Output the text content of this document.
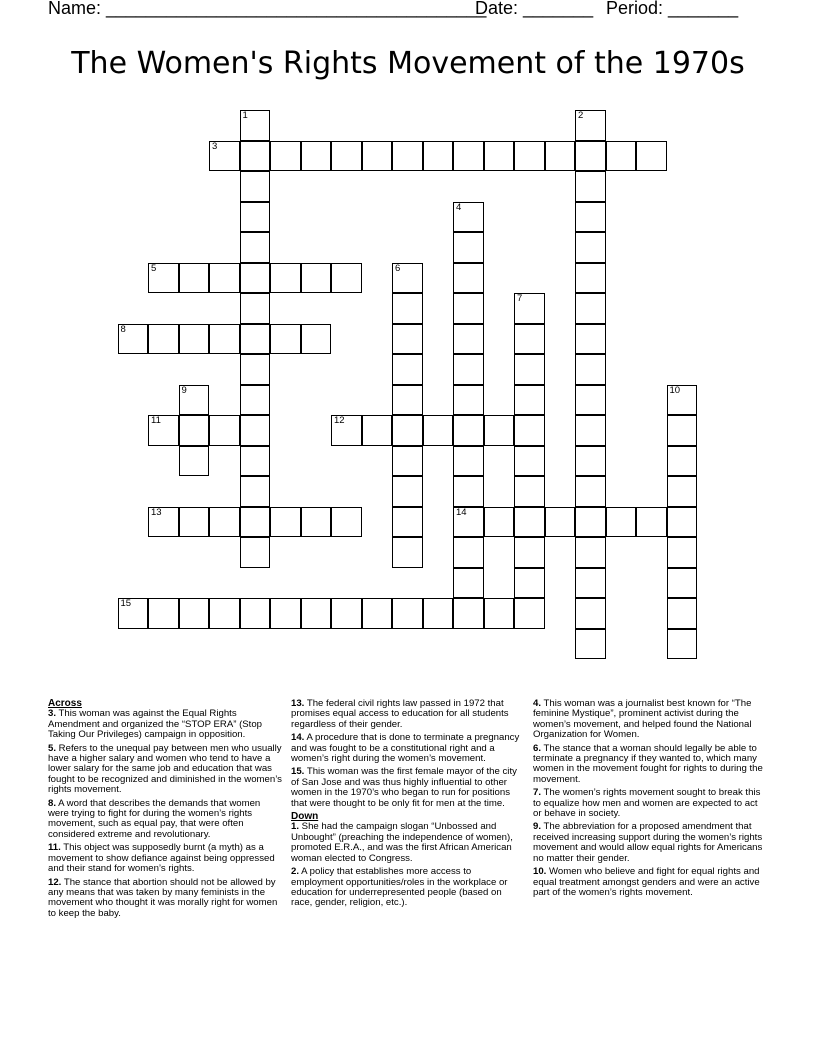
Name: ______________________________________
Date: _______ Period: _______
The Women's Rights Movement of the 1970s
1	2
3
4
14
5	6
7
8
9	10
11	12
13
15
Across
3. This woman was against the Equal Rights Amendment and organized the “STOP ERA” (Stop Taking Our Privileges) campaign in opposition.
5. Refers to the unequal pay between men who usually have a higher salary and women who tend to have a lower salary for the same job and education that was fought to be recognized and diminished in the women’s rights movement.
8. A word that describes the demands that women were trying to fight for during the women’s rights movement, such as equal pay, that were often considered extreme and revolutionary.
11. This object was supposedly burnt (a myth) as a movement to show defiance against being oppressed and their stand for women’s rights.
12. The stance that abortion should not be allowed by any means that was taken by many feminists in the movement who thought it was morally right for women to keep the baby.
13. The federal civil rights law passed in 1972 that promises equal access to education for all students regardless of their gender.
14. A procedure that is done to terminate a pregnancy and was fought to be a constitutional right and a women’s right during the women’s movement.
15. This woman was the first female mayor of the city of San Jose and was thus highly influential to other women in the 1970’s who began to run for positions that were thought to be only fit for men at the time.
Down
1. She had the campaign slogan “Unbossed and Unbought” (preaching the independence of women), promoted E.R.A., and was the first African American woman elected to Congress.
2. A policy that establishes more access to employment opportunities/roles in the workplace or education for underrepresented people (based on race, gender, religion, etc.).
4. This woman was a journalist best known for “The feminine Mystique”, prominent activist during the women’s movement, and helped found the National Organization for Women.
6. The stance that a woman should legally be able to terminate a pregnancy if they wanted to, which many women in the movement fought for rights to during the movement.
7. The women’s rights movement sought to break this to equalize how men and women are expected to act or behave in society.
9. The abbreviation for a proposed amendment that received increasing support during the women’s rights movement and would allow equal rights for Americans no matter their gender.
10. Women who believe and fight for equal rights and equal treatment amongst genders and were an active part of the women’s rights movement.
